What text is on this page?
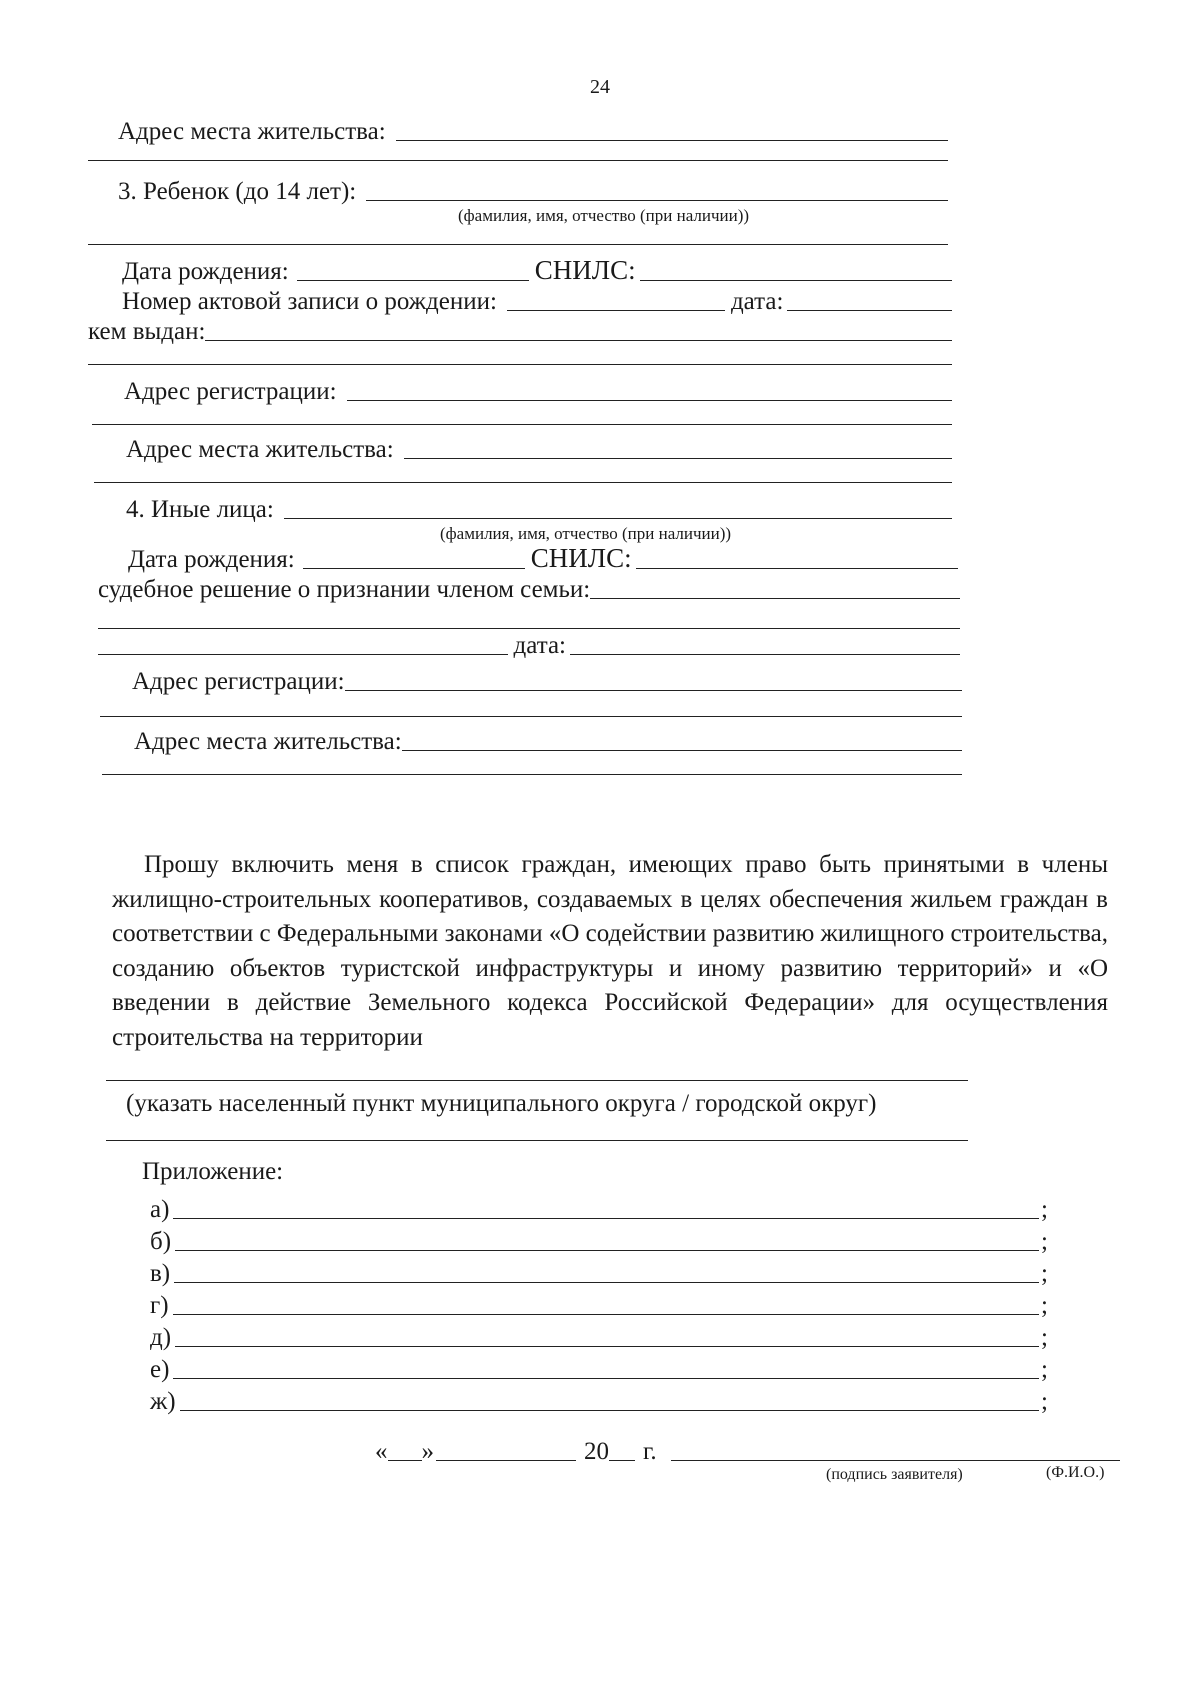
24
Адрес места жительства:
3. Ребенок (до 14 лет):
(фамилия, имя, отчество (при наличии))
Дата рождения:	СНИЛС:
Номер актовой записи о рождении:	дата:
кем выдан:
Адрес регистрации:
Адрес места жительства:
4. Иные лица:
(фамилия, имя, отчество (при наличии))
Дата рождения:	СНИЛС:
судебное решение о признании членом семьи:
дата:
Адрес регистрации:
Адрес места жительства:
Прошу включить меня в список граждан, имеющих право быть принятыми в члены жилищно-строительных кооперативов, создаваемых в целях обеспечения жильем граждан в соответствии с Федеральными законами «О содействии развитию жилищного строительства, созданию объектов туристской инфраструктуры и иному развитию территорий» и «О введении в действие Земельного кодекса Российской Федерации» для осуществления строительства на территории
(указать населенный пункт муниципального округа / городской округ)
Приложение:
а)	;
б)	;
в)	;
г)	;
д)	;
е)	;
ж)	;
« »	20 г.
(подпись заявителя)	(Ф.И.О.)
